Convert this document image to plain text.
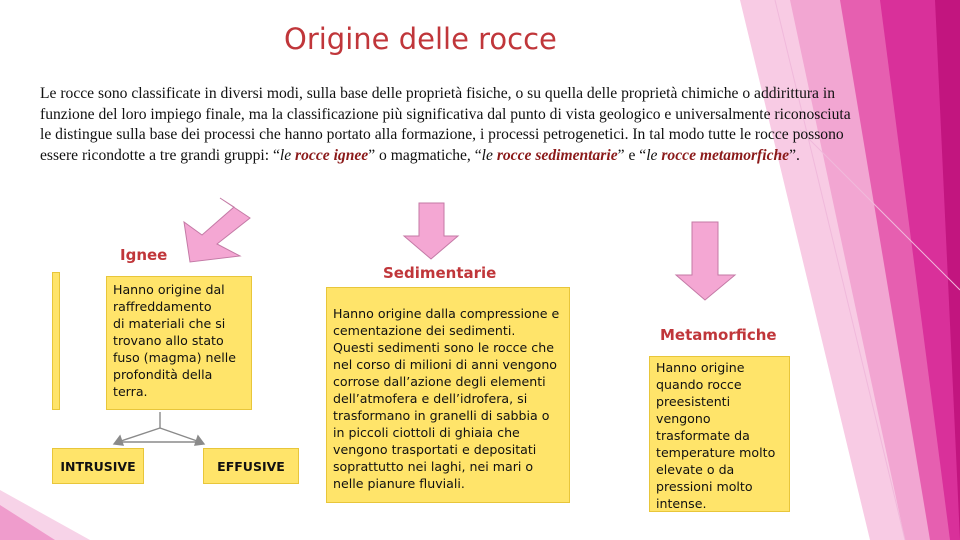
Origine delle rocce
Le rocce sono classificate in diversi modi, sulla base delle proprietà fisiche, o su quella delle proprietà chimiche o addirittura in funzione del loro impiego finale, ma la classificazione più significativa dal punto di vista geologico e universalmente riconosciuta le distingue sulla base dei processi che hanno portato alla formazione, i processi petrogenetici. In tal modo tutte le rocce possono essere ricondotte a tre grandi gruppi: “le rocce ignee” o magmatiche, “le rocce sedimentarie” e “le rocce metamorfiche”.
Ignee
Hanno origine dal
raffreddamento
di materiali che si
trovano allo stato
fuso (magma) nelle
profondità della
terra.
INTRUSIVE	EFFUSIVE
Sedimentarie
Hanno origine dalla compressione e
cementazione dei sedimenti.
Questi sedimenti sono le rocce che
nel corso di milioni di anni vengono
corrose dall’azione degli elementi
dell’atmofera e dell’idrofera, si
trasformano in granelli di sabbia o
in piccoli ciottoli di ghiaia che
vengono trasportati e depositati
soprattutto nei laghi, nei mari o
nelle pianure fluviali.
Metamorfiche
Hanno origine
quando rocce
preesistenti
vengono
trasformate da
temperature molto
elevate o da
pressioni molto
intense.
